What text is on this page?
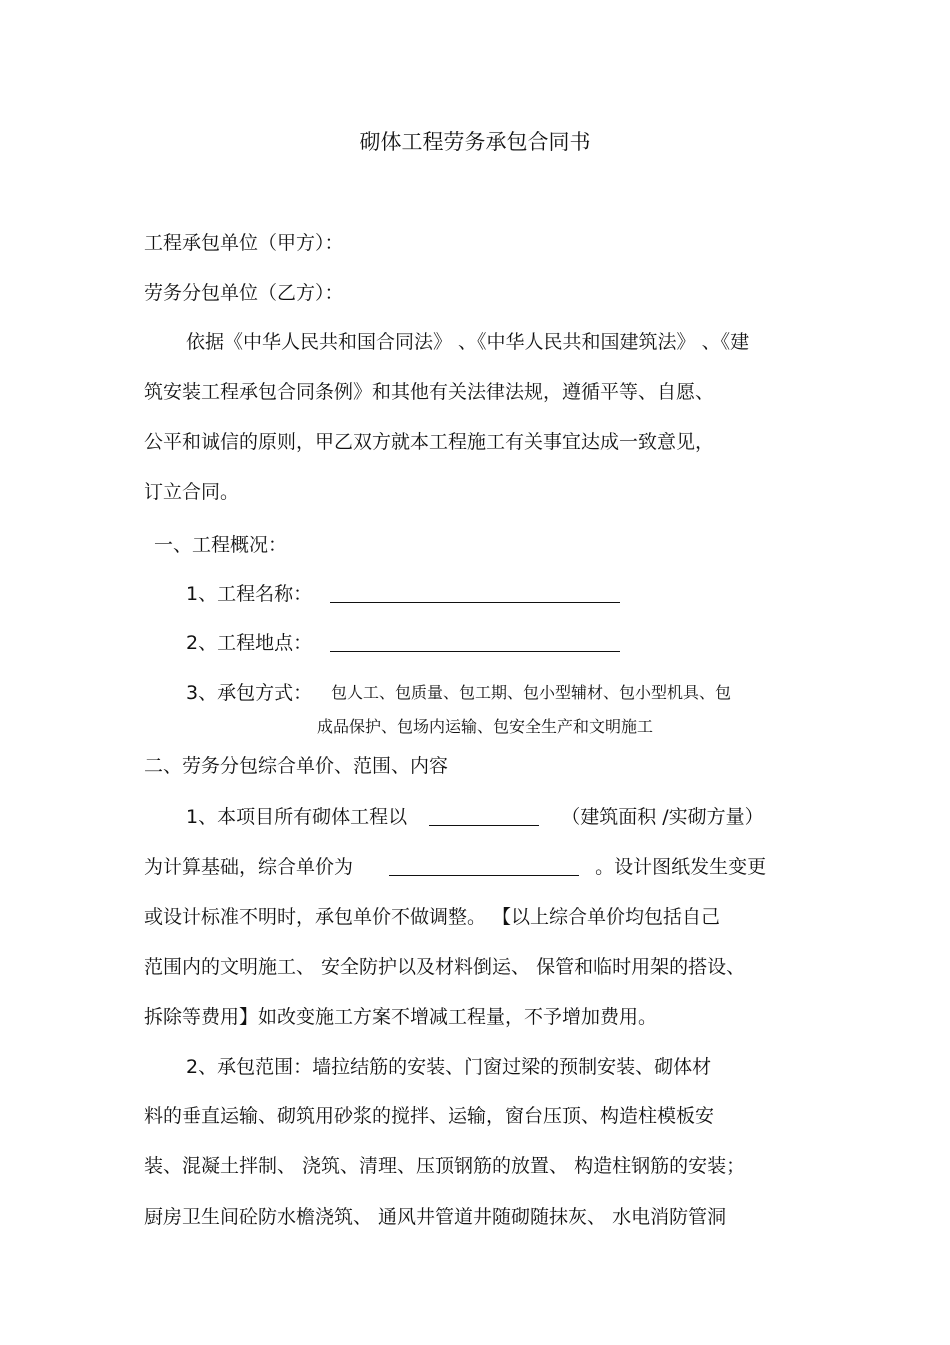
砌体工程劳务承包合同书
工程承包单位（甲方）：
劳务分包单位（乙方）：
依据《中华人民共和国合同法》 、《中华人民共和国建筑法》 、《建
筑安装工程承包合同条例》和其他有关法律法规，遵循平等、自愿、
公平和诚信的原则，甲乙双方就本工程施工有关事宜达成一致意见，
订立合同。
一、工程概况：
1、工程名称：
2、工程地点：
3、承包方式： 包人工、包质量、包工期、包小型辅材、包小型机具、包
成品保护、包场内运输、包安全生产和文明施工
二、劳务分包综合单价、范围、内容
1、本项目所有砌体工程以	（建筑面积 /实砌方量）
为计算基础，综合单价为	。设计图纸发生变更
或设计标准不明时，承包单价不做调整。 【以上综合单价均包括自己
范围内的文明施工、 安全防护以及材料倒运、 保管和临时用架的搭设、
拆除等费用】如改变施工方案不增减工程量，不予增加费用。
2、承包范围：墙拉结筋的安装、门窗过梁的预制安装、砌体材
料的垂直运输、砌筑用砂浆的搅拌、运输，窗台压顶、构造柱模板安
装、混凝土拌制、 浇筑、清理、压顶钢筋的放置、 构造柱钢筋的安装；
厨房卫生间砼防水檐浇筑、 通风井管道井随砌随抹灰、 水电消防管洞
